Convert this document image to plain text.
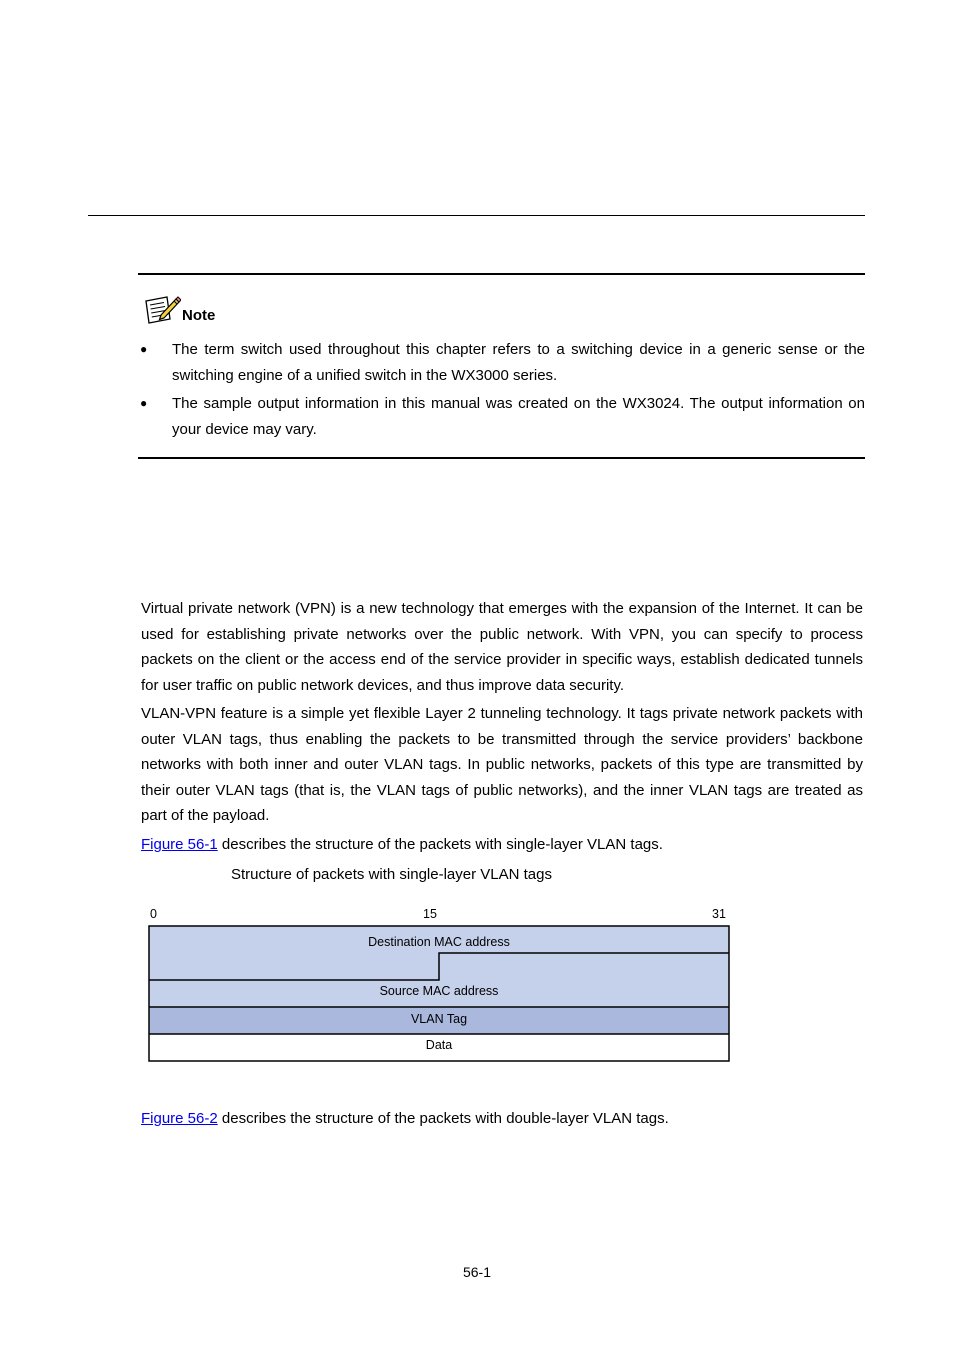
Note
● The term switch used throughout this chapter refers to a switching device in a generic sense or the switching engine of a unified switch in the WX3000 series.
● The sample output information in this manual was created on the WX3024. The output information on your device may vary.

Virtual private network (VPN) is a new technology that emerges with the expansion of the Internet. It can be used for establishing private networks over the public network. With VPN, you can specify to process packets on the client or the access end of the service provider in specific ways, establish dedicated tunnels for user traffic on public network devices, and thus improve data security.

VLAN-VPN feature is a simple yet flexible Layer 2 tunneling technology. It tags private network packets with outer VLAN tags, thus enabling the packets to be transmitted through the service providers’ backbone networks with both inner and outer VLAN tags. In public networks, packets of this type are transmitted by their outer VLAN tags (that is, the VLAN tags of public networks), and the inner VLAN tags are treated as part of the payload.

Figure 56-1 describes the structure of the packets with single-layer VLAN tags.

Structure of packets with single-layer VLAN tags
0	15	31
Destination MAC address
Source MAC address
VLAN Tag
Data

Figure 56-2 describes the structure of the packets with double-layer VLAN tags.

56-1
